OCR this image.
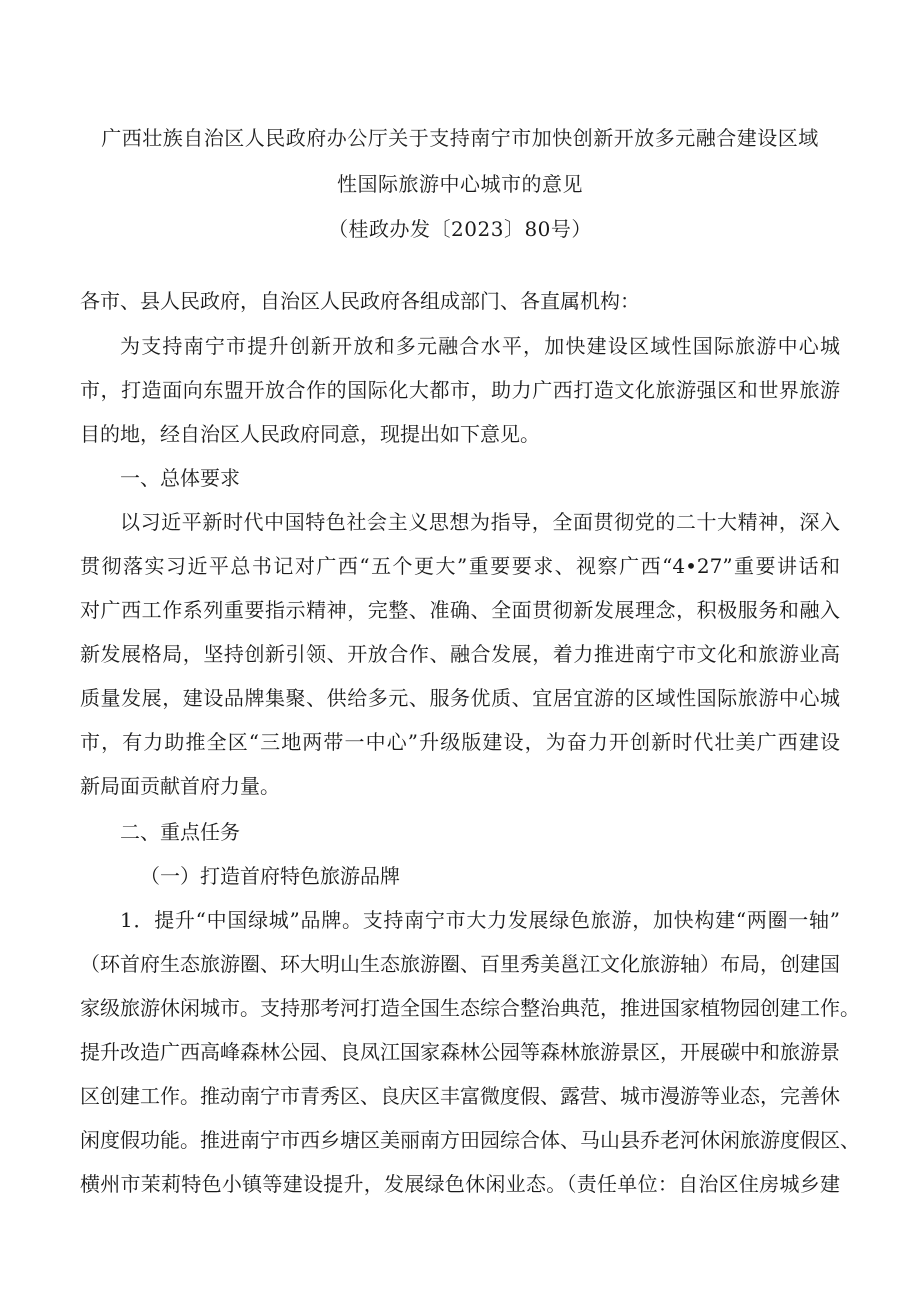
广西壮族自治区人民政府办公厅关于支持南宁市加快创新开放多元融合建设区域
性国际旅游中心城市的意见
（桂政办发〔2023〕80号）
各市、县人民政府，自治区人民政府各组成部门、各直属机构：
为支持南宁市提升创新开放和多元融合水平，加快建设区域性国际旅游中心城
市，打造面向东盟开放合作的国际化大都市，助力广西打造文化旅游强区和世界旅游
目的地，经自治区人民政府同意，现提出如下意见。
一、总体要求
以习近平新时代中国特色社会主义思想为指导，全面贯彻党的二十大精神，深入
贯彻落实习近平总书记对广西“五个更大”重要要求、视察广西“4•27”重要讲话和
对广西工作系列重要指示精神，完整、准确、全面贯彻新发展理念，积极服务和融入
新发展格局，坚持创新引领、开放合作、融合发展，着力推进南宁市文化和旅游业高
质量发展，建设品牌集聚、供给多元、服务优质、宜居宜游的区域性国际旅游中心城
市，有力助推全区“三地两带一中心”升级版建设，为奋力开创新时代壮美广西建设
新局面贡献首府力量。
二、重点任务
（一）打造首府特色旅游品牌
1．提升“中国绿城”品牌。支持南宁市大力发展绿色旅游，加快构建“两圈一轴”
（环首府生态旅游圈、环大明山生态旅游圈、百里秀美邕江文化旅游轴）布局，创建国
家级旅游休闲城市。支持那考河打造全国生态综合整治典范，推进国家植物园创建工作。
提升改造广西高峰森林公园、良凤江国家森林公园等森林旅游景区，开展碳中和旅游景
区创建工作。推动南宁市青秀区、良庆区丰富微度假、露营、城市漫游等业态，完善休
闲度假功能。推进南宁市西乡塘区美丽南方田园综合体、马山县乔老河休闲旅游度假区、
横州市茉莉特色小镇等建设提升，发展绿色休闲业态。（责任单位：自治区住房城乡建
